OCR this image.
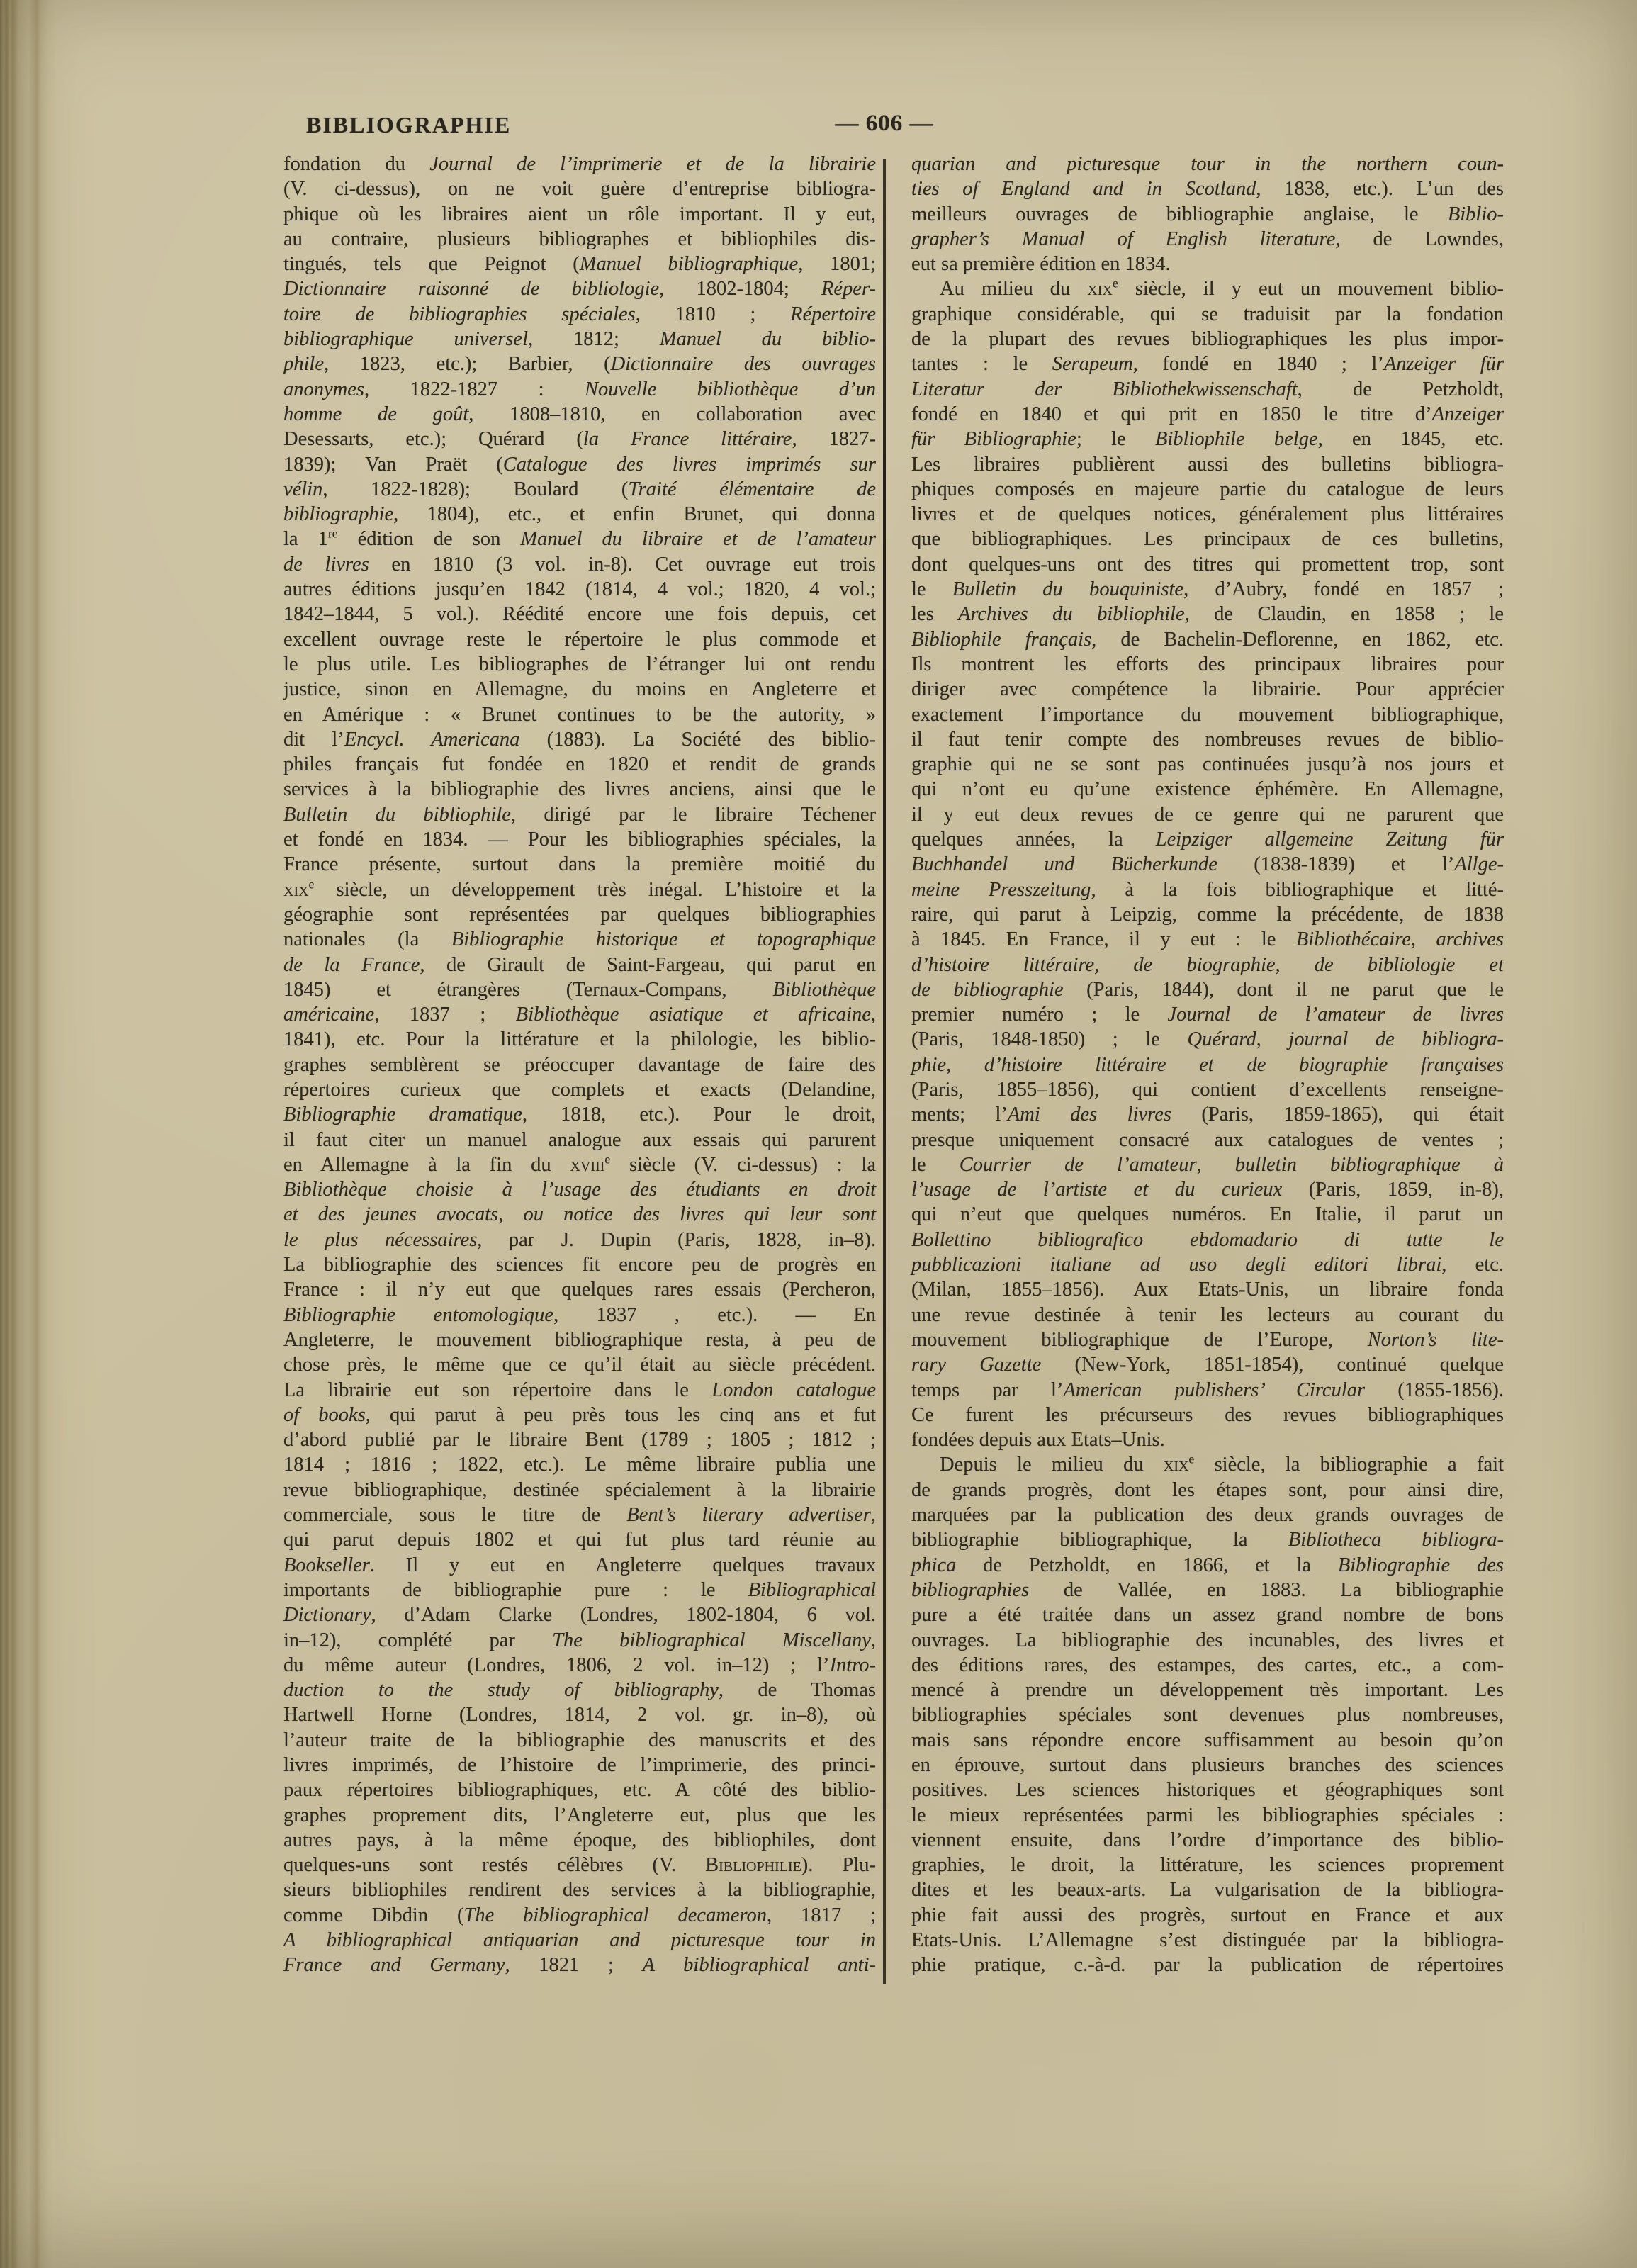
BIBLIOGRAPHIE	— 606 —
fondation du Journal de l’imprimerie et de la librairie
(V. ci-dessus), on ne voit guère d’entreprise bibliogra-
phique où les libraires aient un rôle important. Il y eut,
au contraire, plusieurs bibliographes et bibliophiles dis-
tingués, tels que Peignot (Manuel bibliographique, 1801;
Dictionnaire raisonné de bibliologie, 1802-1804; Réper-
toire de bibliographies spéciales, 1810 ; Répertoire
bibliographique universel, 1812; Manuel du biblio-
phile, 1823, etc.); Barbier, (Dictionnaire des ouvrages
anonymes, 1822-1827 : Nouvelle bibliothèque d’un
homme de goût, 1808–1810, en collaboration avec
Desessarts, etc.); Quérard (la France littéraire, 1827-
1839); Van Praët (Catalogue des livres imprimés sur
vélin, 1822-1828); Boulard (Traité élémentaire de
bibliographie, 1804), etc., et enfin Brunet, qui donna
la 1re édition de son Manuel du libraire et de l’amateur
de livres en 1810 (3 vol. in-8). Cet ouvrage eut trois
autres éditions jusqu’en 1842 (1814, 4 vol.; 1820, 4 vol.;
1842–1844, 5 vol.). Réédité encore une fois depuis, cet
excellent ouvrage reste le répertoire le plus commode et
le plus utile. Les bibliographes de l’étranger lui ont rendu
justice, sinon en Allemagne, du moins en Angleterre et
en Amérique : « Brunet continues to be the autority, »
dit l’Encycl. Americana (1883). La Société des biblio-
philes français fut fondée en 1820 et rendit de grands
services à la bibliographie des livres anciens, ainsi que le
Bulletin du bibliophile, dirigé par le libraire Téchener
et fondé en 1834. — Pour les bibliographies spéciales, la
France présente, surtout dans la première moitié du
xix$^e$ siècle, un développement très inégal. L’histoire et la
géographie sont représentées par quelques bibliographies
nationales (la Bibliographie historique et topographique
de la France, de Girault de Saint-Fargeau, qui parut en
1845) et étrangères (Ternaux-Compans, Bibliothèque
américaine, 1837 ; Bibliothèque asiatique et africaine,
1841), etc. Pour la littérature et la philologie, les biblio-
graphes semblèrent se préoccuper davantage de faire des
répertoires curieux que complets et exacts (Delandine,
Bibliographie dramatique, 1818, etc.). Pour le droit,
il faut citer un manuel analogue aux essais qui parurent
en Allemagne à la fin du xviii$^e$ siècle (V. ci-dessus) : la
Bibliothèque choisie à l’usage des étudiants en droit
et des jeunes avocats, ou notice des livres qui leur sont
le plus nécessaires, par J. Dupin (Paris, 1828, in–8).
La bibliographie des sciences fit encore peu de progrès en
France : il n’y eut que quelques rares essais (Percheron,
Bibliographie entomologique, 1837 , etc.). — En
Angleterre, le mouvement bibliographique resta, à peu de
chose près, le même que ce qu’il était au siècle précédent.
La librairie eut son répertoire dans le London catalogue
of books, qui parut à peu près tous les cinq ans et fut
d’abord publié par le libraire Bent (1789 ; 1805 ; 1812 ;
1814 ; 1816 ; 1822, etc.). Le même libraire publia une
revue bibliographique, destinée spécialement à la librairie
commerciale, sous le titre de Bent’s literary advertiser,
qui parut depuis 1802 et qui fut plus tard réunie au
Bookseller. Il y eut en Angleterre quelques travaux
importants de bibliographie pure : le Bibliographical
Dictionary, d’Adam Clarke (Londres, 1802-1804, 6 vol.
in–12), complété par The bibliographical Miscellany,
du même auteur (Londres, 1806, 2 vol. in–12) ; l’Intro-
duction to the study of bibliography, de Thomas
Hartwell Horne (Londres, 1814, 2 vol. gr. in–8), où
l’auteur traite de la bibliographie des manuscrits et des
livres imprimés, de l’histoire de l’imprimerie, des princi-
paux répertoires bibliographiques, etc. A côté des biblio-
graphes proprement dits, l’Angleterre eut, plus que les
autres pays, à la même époque, des bibliophiles, dont
quelques-uns sont restés célèbres (V. Bibliophilie). Plu-
sieurs bibliophiles rendirent des services à la bibliographie,
comme Dibdin (The bibliographical decameron, 1817 ;
A bibliographical antiquarian and picturesque tour in
France and Germany, 1821 ; A bibliographical anti-
quarian and picturesque tour in the northern coun-
ties of England and in Scotland, 1838, etc.). L’un des
meilleurs ouvrages de bibliographie anglaise, le Biblio-
grapher’s Manual of English literature, de Lowndes,
eut sa première édition en 1834.
Au milieu du xix$^e$ siècle, il y eut un mouvement biblio-
graphique considérable, qui se traduisit par la fondation
de la plupart des revues bibliographiques les plus impor-
tantes : le Serapeum, fondé en 1840 ; l’Anzeiger für
Literatur der Bibliothekwissenschaft, de Petzholdt,
fondé en 1840 et qui prit en 1850 le titre d’Anzeiger
für Bibliographie; le Bibliophile belge, en 1845, etc.
Les libraires publièrent aussi des bulletins bibliogra-
phiques composés en majeure partie du catalogue de leurs
livres et de quelques notices, généralement plus littéraires
que bibliographiques. Les principaux de ces bulletins,
dont quelques-uns ont des titres qui promettent trop, sont
le Bulletin du bouquiniste, d’Aubry, fondé en 1857 ;
les Archives du bibliophile, de Claudin, en 1858 ; le
Bibliophile français, de Bachelin-Deflorenne, en 1862, etc.
Ils montrent les efforts des principaux libraires pour
diriger avec compétence la librairie. Pour apprécier
exactement l’importance du mouvement bibliographique,
il faut tenir compte des nombreuses revues de biblio-
graphie qui ne se sont pas continuées jusqu’à nos jours et
qui n’ont eu qu’une existence éphémère. En Allemagne,
il y eut deux revues de ce genre qui ne parurent que
quelques années, la Leipziger allgemeine Zeitung für
Buchhandel und Bücherkunde (1838-1839) et l’Allge-
meine Presszeitung, à la fois bibliographique et litté-
raire, qui parut à Leipzig, comme la précédente, de 1838
à 1845. En France, il y eut : le Bibliothécaire, archives
d’histoire littéraire, de biographie, de bibliologie et
de bibliographie (Paris, 1844), dont il ne parut que le
premier numéro ; le Journal de l’amateur de livres
(Paris, 1848-1850) ; le Quérard, journal de bibliogra-
phie, d’histoire littéraire et de biographie françaises
(Paris, 1855–1856), qui contient d’excellents renseigne-
ments; l’Ami des livres (Paris, 1859-1865), qui était
presque uniquement consacré aux catalogues de ventes ;
le Courrier de l’amateur, bulletin bibliographique à
l’usage de l’artiste et du curieux (Paris, 1859, in-8),
qui n’eut que quelques numéros. En Italie, il parut un
Bollettino bibliografico ebdomadario di tutte le
pubblicazioni italiane ad uso degli editori librai, etc.
(Milan, 1855–1856). Aux Etats-Unis, un libraire fonda
une revue destinée à tenir les lecteurs au courant du
mouvement bibliographique de l’Europe, Norton’s lite-
rary Gazette (New-York, 1851-1854), continué quelque
temps par l’American publishers’ Circular (1855-1856).
Ce furent les précurseurs des revues bibliographiques
fondées depuis aux Etats–Unis.
Depuis le milieu du xix$^e$ siècle, la bibliographie a fait
de grands progrès, dont les étapes sont, pour ainsi dire,
marquées par la publication des deux grands ouvrages de
bibliographie bibliographique, la Bibliotheca bibliogra-
phica de Petzholdt, en 1866, et la Bibliographie des
bibliographies de Vallée, en 1883. La bibliographie
pure a été traitée dans un assez grand nombre de bons
ouvrages. La bibliographie des incunables, des livres et
des éditions rares, des estampes, des cartes, etc., a com-
mencé à prendre un développement très important. Les
bibliographies spéciales sont devenues plus nombreuses,
mais sans répondre encore suffisamment au besoin qu’on
en éprouve, surtout dans plusieurs branches des sciences
positives. Les sciences historiques et géographiques sont
le mieux représentées parmi les bibliographies spéciales :
viennent ensuite, dans l’ordre d’importance des biblio-
graphies, le droit, la littérature, les sciences proprement
dites et les beaux-arts. La vulgarisation de la bibliogra-
phie fait aussi des progrès, surtout en France et aux
Etats-Unis. L’Allemagne s’est distinguée par la bibliogra-
phie pratique, c.-à-d. par la publication de répertoires
